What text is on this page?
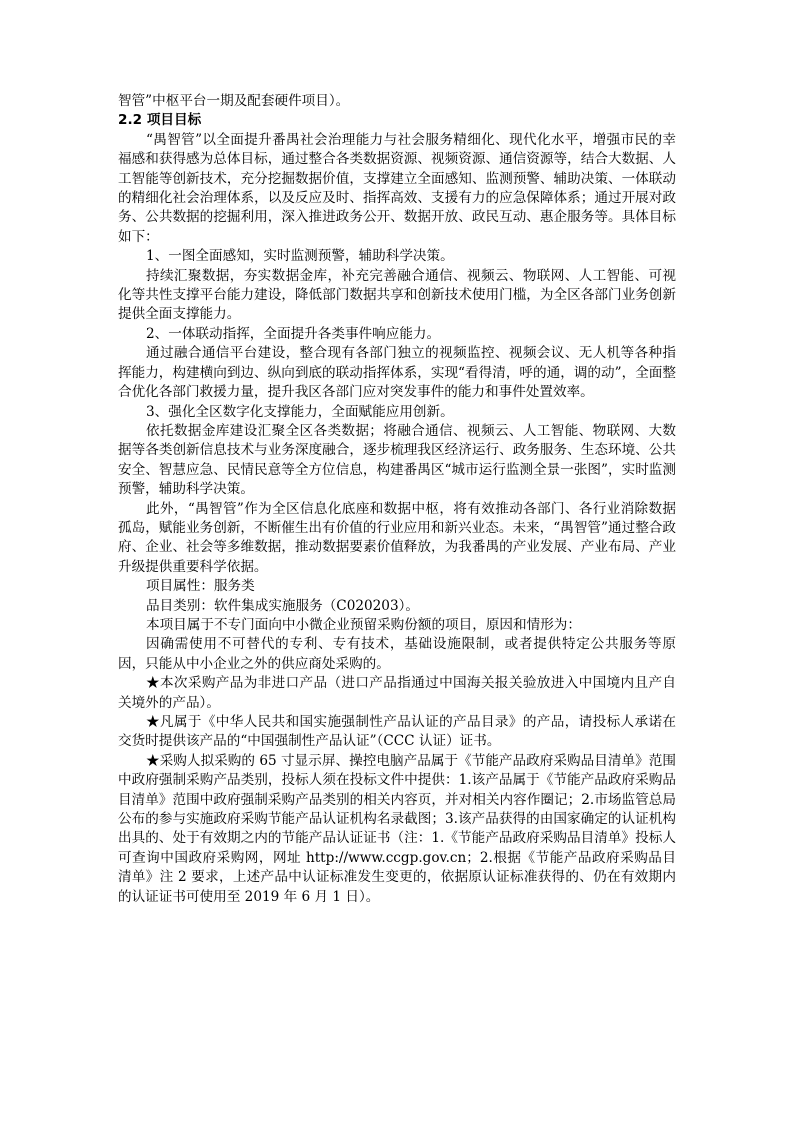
智管”中枢平台一期及配套硬件项目）。

2.2 项目目标

“禺智管”以全面提升番禺社会治理能力与社会服务精细化、现代化水平，增强市民的幸福感和获得感为总体目标，通过整合各类数据资源、视频资源、通信资源等，结合大数据、人工智能等创新技术，充分挖掘数据价值，支撑建立全面感知、监测预警、辅助决策、一体联动的精细化社会治理体系，以及反应及时、指挥高效、支援有力的应急保障体系；通过开展对政务、公共数据的挖掘利用，深入推进政务公开、数据开放、政民互动、惠企服务等。具体目标如下：

1、一图全面感知，实时监测预警，辅助科学决策。

持续汇聚数据，夯实数据金库，补充完善融合通信、视频云、物联网、人工智能、可视化等共性支撑平台能力建设，降低部门数据共享和创新技术使用门槛，为全区各部门业务创新提供全面支撑能力。

2、一体联动指挥，全面提升各类事件响应能力。

通过融合通信平台建设，整合现有各部门独立的视频监控、视频会议、无人机等各种指挥能力，构建横向到边、纵向到底的联动指挥体系，实现“看得清，呼的通，调的动”，全面整合优化各部门救援力量，提升我区各部门应对突发事件的能力和事件处置效率。

3、强化全区数字化支撑能力，全面赋能应用创新。

依托数据金库建设汇聚全区各类数据；将融合通信、视频云、人工智能、物联网、大数据等各类创新信息技术与业务深度融合，逐步梳理我区经济运行、政务服务、生态环境、公共安全、智慧应急、民情民意等全方位信息，构建番禺区“城市运行监测全景一张图”，实时监测预警，辅助科学决策。

此外，“禺智管”作为全区信息化底座和数据中枢，将有效推动各部门、各行业消除数据孤岛，赋能业务创新，不断催生出有价值的行业应用和新兴业态。未来，“禺智管”通过整合政府、企业、社会等多维数据，推动数据要素价值释放，为我番禺的产业发展、产业布局、产业升级提供重要科学依据。

项目属性：服务类

品目类别：软件集成实施服务（C020203）。

本项目属于不专门面向中小微企业预留采购份额的项目，原因和情形为：

因确需使用不可替代的专利、专有技术，基础设施限制，或者提供特定公共服务等原因，只能从中小企业之外的供应商处采购的。

★本次采购产品为非进口产品（进口产品指通过中国海关报关验放进入中国境内且产自关境外的产品）。

★凡属于《中华人民共和国实施强制性产品认证的产品目录》的产品，请投标人承诺在交货时提供该产品的“中国强制性产品认证”（CCC 认证）证书。

★采购人拟采购的 65 寸显示屏、操控电脑产品属于《节能产品政府采购品目清单》范围中政府强制采购产品类别，投标人须在投标文件中提供：1.该产品属于《节能产品政府采购品目清单》范围中政府强制采购产品类别的相关内容页，并对相关内容作圈记；2.市场监管总局公布的参与实施政府采购节能产品认证机构名录截图；3.该产品获得的由国家确定的认证机构出具的、处于有效期之内的节能产品认证证书（注：1.《节能产品政府采购品目清单》投标人可查询中国政府采购网，网址 http://www.ccgp.gov.cn；2.根据《节能产品政府采购品目清单》注 2 要求，上述产品中认证标准发生变更的，依据原认证标准获得的、仍在有效期内的认证证书可使用至 2019 年 6 月 1 日）。
